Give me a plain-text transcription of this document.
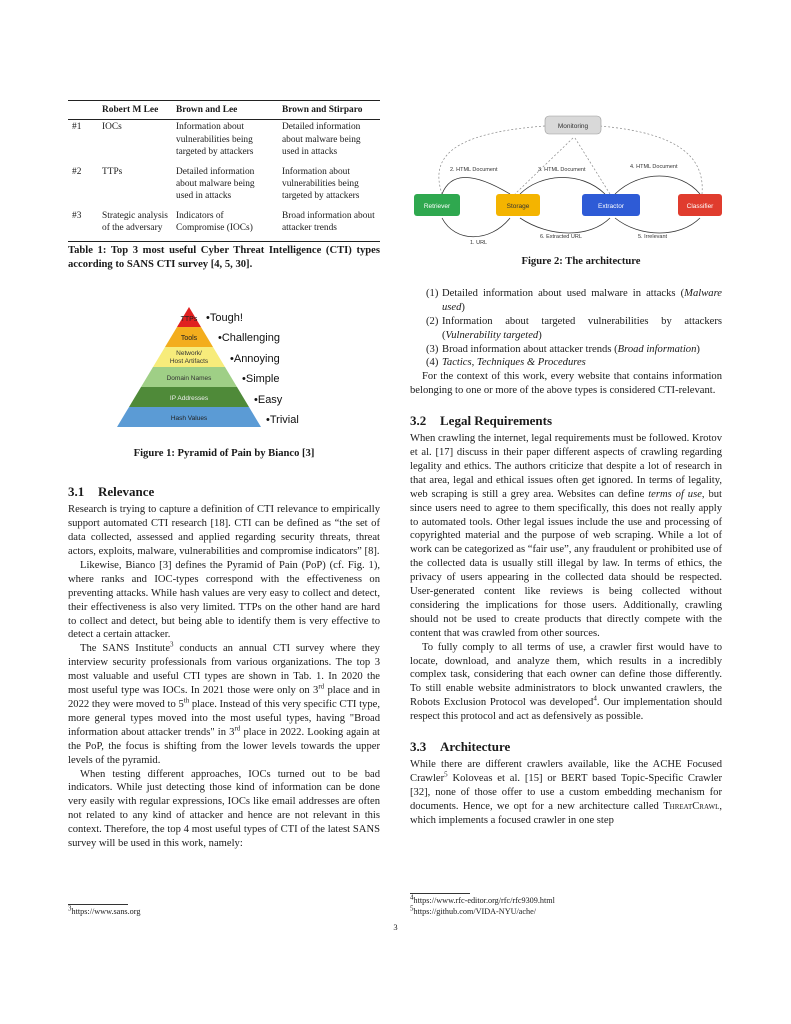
	Robert M Lee	Brown and Lee	Brown and Stirparo
#1	IOCs	Information about vulnerabilities being targeted by attackers	Detailed information about malware being used in attacks
#2	TTPs	Detailed information about malware being used in attacks	Information about vulnerabilities being targeted by attackers
#3	Strategic analysis of the adversary	Indicators of Compromise (IOCs)	Broad information about attacker trends

Table 1: Top 3 most useful Cyber Threat Intelligence (CTI) types according to SANS CTI survey [4, 5, 30].

TTPs
Tools
Network/
Host Artifacts
Domain Names
IP Addresses
Hash Values
•Tough!
•Challenging
•Annoying
•Simple
•Easy
•Trivial

Figure 1: Pyramid of Pain by Bianco [3]

3.1 Relevance

Research is trying to capture a definition of CTI relevance to empirically support automated CTI research [18]. CTI can be defined as “the set of data collected, assessed and applied regarding security threats, threat actors, exploits, malware, vulnerabilities and compromise indicators” [8].

Likewise, Bianco [3] defines the Pyramid of Pain (PoP) (cf. Fig. 1), where ranks and IOC-types correspond with the effectiveness on preventing attacks. While hash values are very easy to collect and detect, their effectiveness is also very limited. TTPs on the other hand are hard to collect and detect, but being able to identify them is very effective to detect a certain attacker.

The SANS Institute$^3$ conducts an annual CTI survey where they interview security professionals from various organizations. The top 3 most valuable and useful CTI types are shown in Tab. 1. In 2020 the most useful type was IOCs. In 2021 those were only on 3rd place and in 2022 they were moved to 5th place. Instead of this very specific CTI type, more general types moved into the most useful types, having "Broad information about attacker trends" in 3rd place in 2022. Looking again at the PoP, the focus is shifting from the lower levels towards the upper levels of the pyramid.

When testing different approaches, IOCs turned out to be bad indicators. While just detecting those kind of information can be done very easily with regular expressions, IOCs like email addresses are often not related to any kind of attacker and hence are not relevant in this context. Therefore, the top 4 most useful types of CTI of the latest SANS survey will be used in this work, namely:

$^3$https://www.sans.org
2. HTML Document	3. HTML Document	4. HTML Document
1. URL
6. Extracted URL	5. Irrelevant
Monitoring
Retriever	Storage	Extractor	Classifier

Figure 2: The architecture

(1) Detailed information about used malware in attacks (Malware used)
(2) Information about targeted vulnerabilities by attackers (Vulnerability targeted)
(3) Broad information about attacker trends (Broad information)
(4) Tactics, Techniques & Procedures

For the context of this work, every website that contains information belonging to one or more of the above types is considered CTI-relevant.

3.2 Legal Requirements

When crawling the internet, legal requirements must be followed. Krotov et al. [17] discuss in their paper different aspects of crawling regarding legality and ethics. The authors criticize that despite a lot of research in that area, legal and ethical issues often get ignored. In terms of legality, web scraping is still a grey area. Websites can define terms of use, but since users need to agree to them specifically, this does not really apply to automated tools. Other legal issues include the use and processing of copyrighted material and the purpose of web scraping. While a lot of work can be categorized as “fair use”, any fraudulent or prohibited use of the collected data is usually still illegal by law. In terms of ethics, the privacy of users appearing in the collected data should be respected. User-generated content like reviews is being collected without considering the implications for those users. Additionally, crawling should not be used to create products that directly compete with the content that was crawled from other sources.

To fully comply to all terms of use, a crawler first would have to locate, download, and analyze them, which results in a incredibly complex task, considering that each owner can define those differently. To still enable website administrators to block unwanted crawlers, the Robots Exclusion Protocol was developed$^4$. Our implementation should respect this protocol and act as defensively as possible.

3.3 Architecture

While there are different crawlers available, like the ACHE Focused Crawler$^5$ Koloveas et al. [15] or BERT based Topic-Specific Crawler [32], none of those offer to use a custom embedding mechanism for documents. Hence, we opt for a new architecture called ThreatCrawl, which implements a focused crawler in one step

$^4$https://www.rfc-editor.org/rfc/rfc9309.html
$^5$https://github.com/VIDA-NYU/ache/
3
